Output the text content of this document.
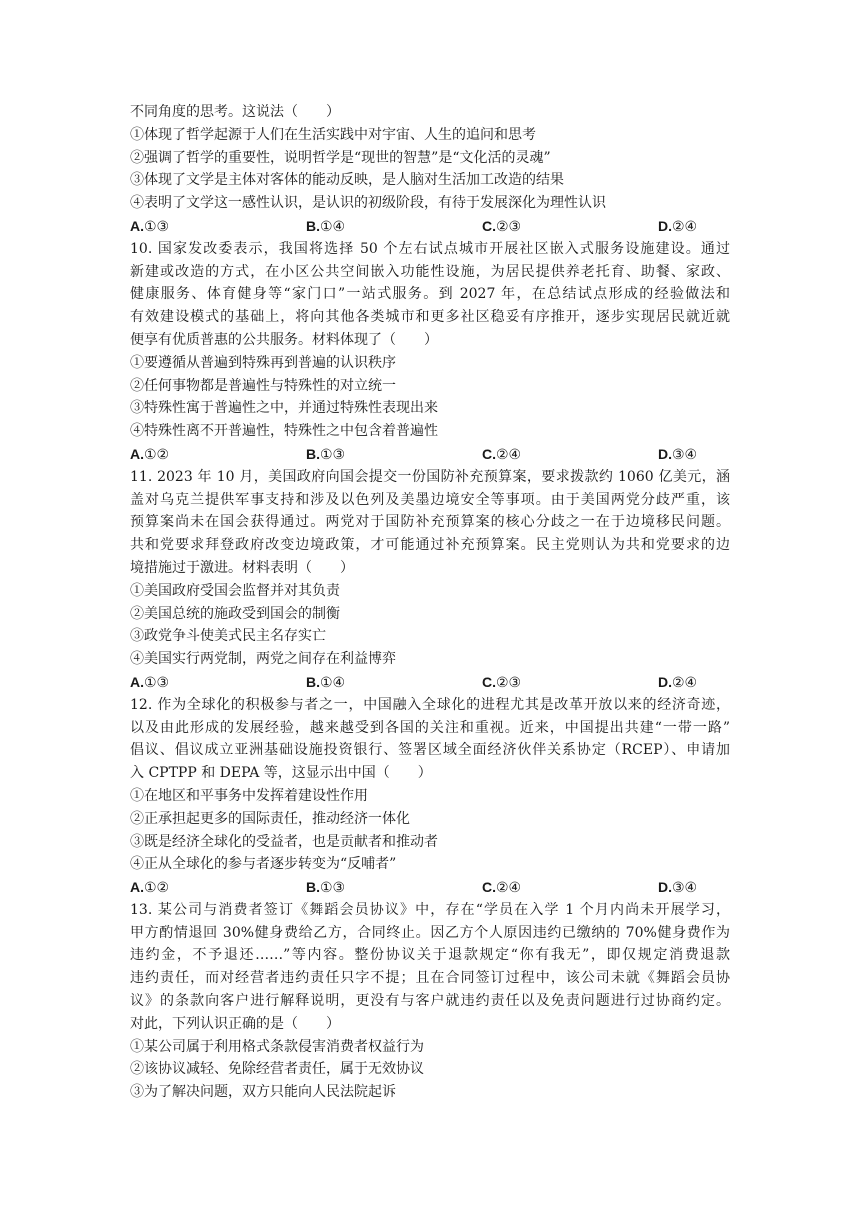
不同角度的思考。这说法（　　）
①体现了哲学起源于人们在生活实践中对宇宙、人生的追问和思考
②强调了哲学的重要性，说明哲学是“现世的智慧”是“文化活的灵魂”
③体现了文学是主体对客体的能动反映，是人脑对生活加工改造的结果
④表明了文学这一感性认识，是认识的初级阶段，有待于发展深化为理性认识
A.①③	B.①④	C.②③	D.②④
10. 国家发改委表示，我国将选择 50 个左右试点城市开展社区嵌入式服务设施建设。通过
新建或改造的方式，在小区公共空间嵌入功能性设施，为居民提供养老托育、助餐、家政、
健康服务、体育健身等“家门口”一站式服务。到 2027 年，在总结试点形成的经验做法和
有效建设模式的基础上，将向其他各类城市和更多社区稳妥有序推开，逐步实现居民就近就
便享有优质普惠的公共服务。材料体现了（　　）
①要遵循从普遍到特殊再到普遍的认识秩序
②任何事物都是普遍性与特殊性的对立统一
③特殊性寓于普遍性之中，并通过特殊性表现出来
④特殊性离不开普遍性，特殊性之中包含着普遍性
A.①②	B.①③	C.②④	D.③④
11. 2023 年 10 月，美国政府向国会提交一份国防补充预算案，要求拨款约 1060 亿美元，涵
盖对乌克兰提供军事支持和涉及以色列及美墨边境安全等事项。由于美国两党分歧严重，该
预算案尚未在国会获得通过。两党对于国防补充预算案的核心分歧之一在于边境移民问题。
共和党要求拜登政府改变边境政策，才可能通过补充预算案。民主党则认为共和党要求的边
境措施过于激进。材料表明（　　）
①美国政府受国会监督并对其负责
②美国总统的施政受到国会的制衡
③政党争斗使美式民主名存实亡
④美国实行两党制，两党之间存在利益博弈
A.①③	B.①④	C.②③	D.②④
12. 作为全球化的积极参与者之一，中国融入全球化的进程尤其是改革开放以来的经济奇迹，
以及由此形成的发展经验，越来越受到各国的关注和重视。近来，中国提出共建“一带一路”
倡议、倡议成立亚洲基础设施投资银行、签署区域全面经济伙伴关系协定（RCEP）、申请加
入 CPTPP 和 DEPA 等，这显示出中国（　　）
①在地区和平事务中发挥着建设性作用
②正承担起更多的国际责任，推动经济一体化
③既是经济全球化的受益者，也是贡献者和推动者
④正从全球化的参与者逐步转变为“反哺者”
A.①②	B.①③	C.②④	D.③④
13. 某公司与消费者签订《舞蹈会员协议》中，存在“学员在入学 1 个月内尚未开展学习，
甲方酌情退回 30%健身费给乙方，合同终止。因乙方个人原因违约已缴纳的 70%健身费作为
违约金，不予退还……”等内容。整份协议关于退款规定“你有我无”，即仅规定消费退款
违约责任，而对经营者违约责任只字不提；且在合同签订过程中，该公司未就《舞蹈会员协
议》的条款向客户进行解释说明，更没有与客户就违约责任以及免责问题进行过协商约定。
对此，下列认识正确的是（　　）
①某公司属于利用格式条款侵害消费者权益行为
②该协议减轻、免除经营者责任，属于无效协议
③为了解决问题，双方只能向人民法院起诉
